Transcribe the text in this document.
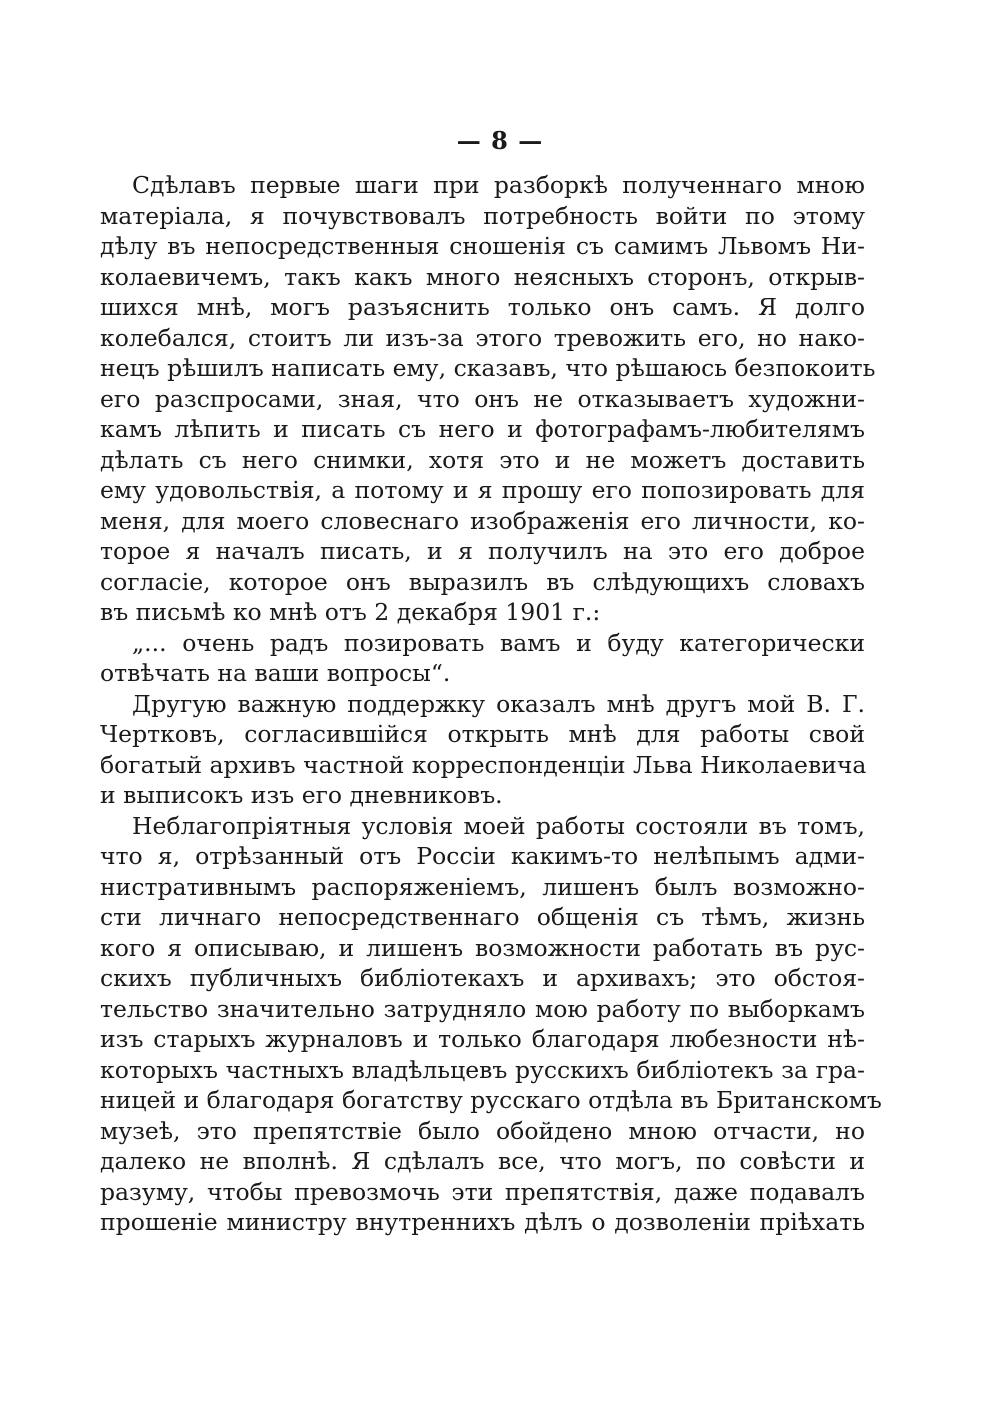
— 8 —
Сдѣлавъ первые шаги при разборкѣ полученнаго мною
матеріала, я почувствовалъ потребность войти по этому
дѣлу въ непосредственныя сношенія съ самимъ Львомъ Ни-
колаевичемъ, такъ какъ много неясныхъ сторонъ, открыв-
шихся мнѣ, могъ разъяснить только онъ самъ. Я долго
колебался, стоитъ ли изъ-за этого тревожить его, но нако-
нецъ рѣшилъ написать ему, сказавъ, что рѣшаюсь безпокоить
его разспросами, зная, что онъ не отказываетъ художни-
камъ лѣпить и писать съ него и фотографамъ-любителямъ
дѣлать съ него снимки, хотя это и не можетъ доставить
ему удовольствія, а потому и я прошу его попозировать для
меня, для моего словеснаго изображенія его личности, ко-
торое я началъ писать, и я получилъ на это его доброе
согласіе, которое онъ выразилъ въ слѣдующихъ словахъ
въ письмѣ ко мнѣ отъ 2 декабря 1901 г.:
„... очень радъ позировать вамъ и буду категорически
отвѣчать на ваши вопросы“.
Другую важную поддержку оказалъ мнѣ другъ мой В. Г.
Чертковъ, согласившійся открыть мнѣ для работы свой
богатый архивъ частной корреспонденціи Льва Николаевича
и выписокъ изъ его дневниковъ.
Неблагопріятныя условія моей работы состояли въ томъ,
что я, отрѣзанный отъ Россіи какимъ-то нелѣпымъ адми-
нистративнымъ распоряженіемъ, лишенъ былъ возможно-
сти личнаго непосредственнаго общенія съ тѣмъ, жизнь
кого я описываю, и лишенъ возможности работать въ рус-
скихъ публичныхъ библіотекахъ и архивахъ; это обстоя-
тельство значительно затрудняло мою работу по выборкамъ
изъ старыхъ журналовъ и только благодаря любезности нѣ-
которыхъ частныхъ владѣльцевъ русскихъ библіотекъ за гра-
ницей и благодаря богатству русскаго отдѣла въ Британскомъ
музеѣ, это препятствіе было обойдено мною отчасти, но
далеко не вполнѣ. Я сдѣлалъ все, что могъ, по совѣсти и
разуму, чтобы превозмочь эти препятствія, даже подавалъ
прошеніе министру внутреннихъ дѣлъ о дозволеніи пріѣхать
